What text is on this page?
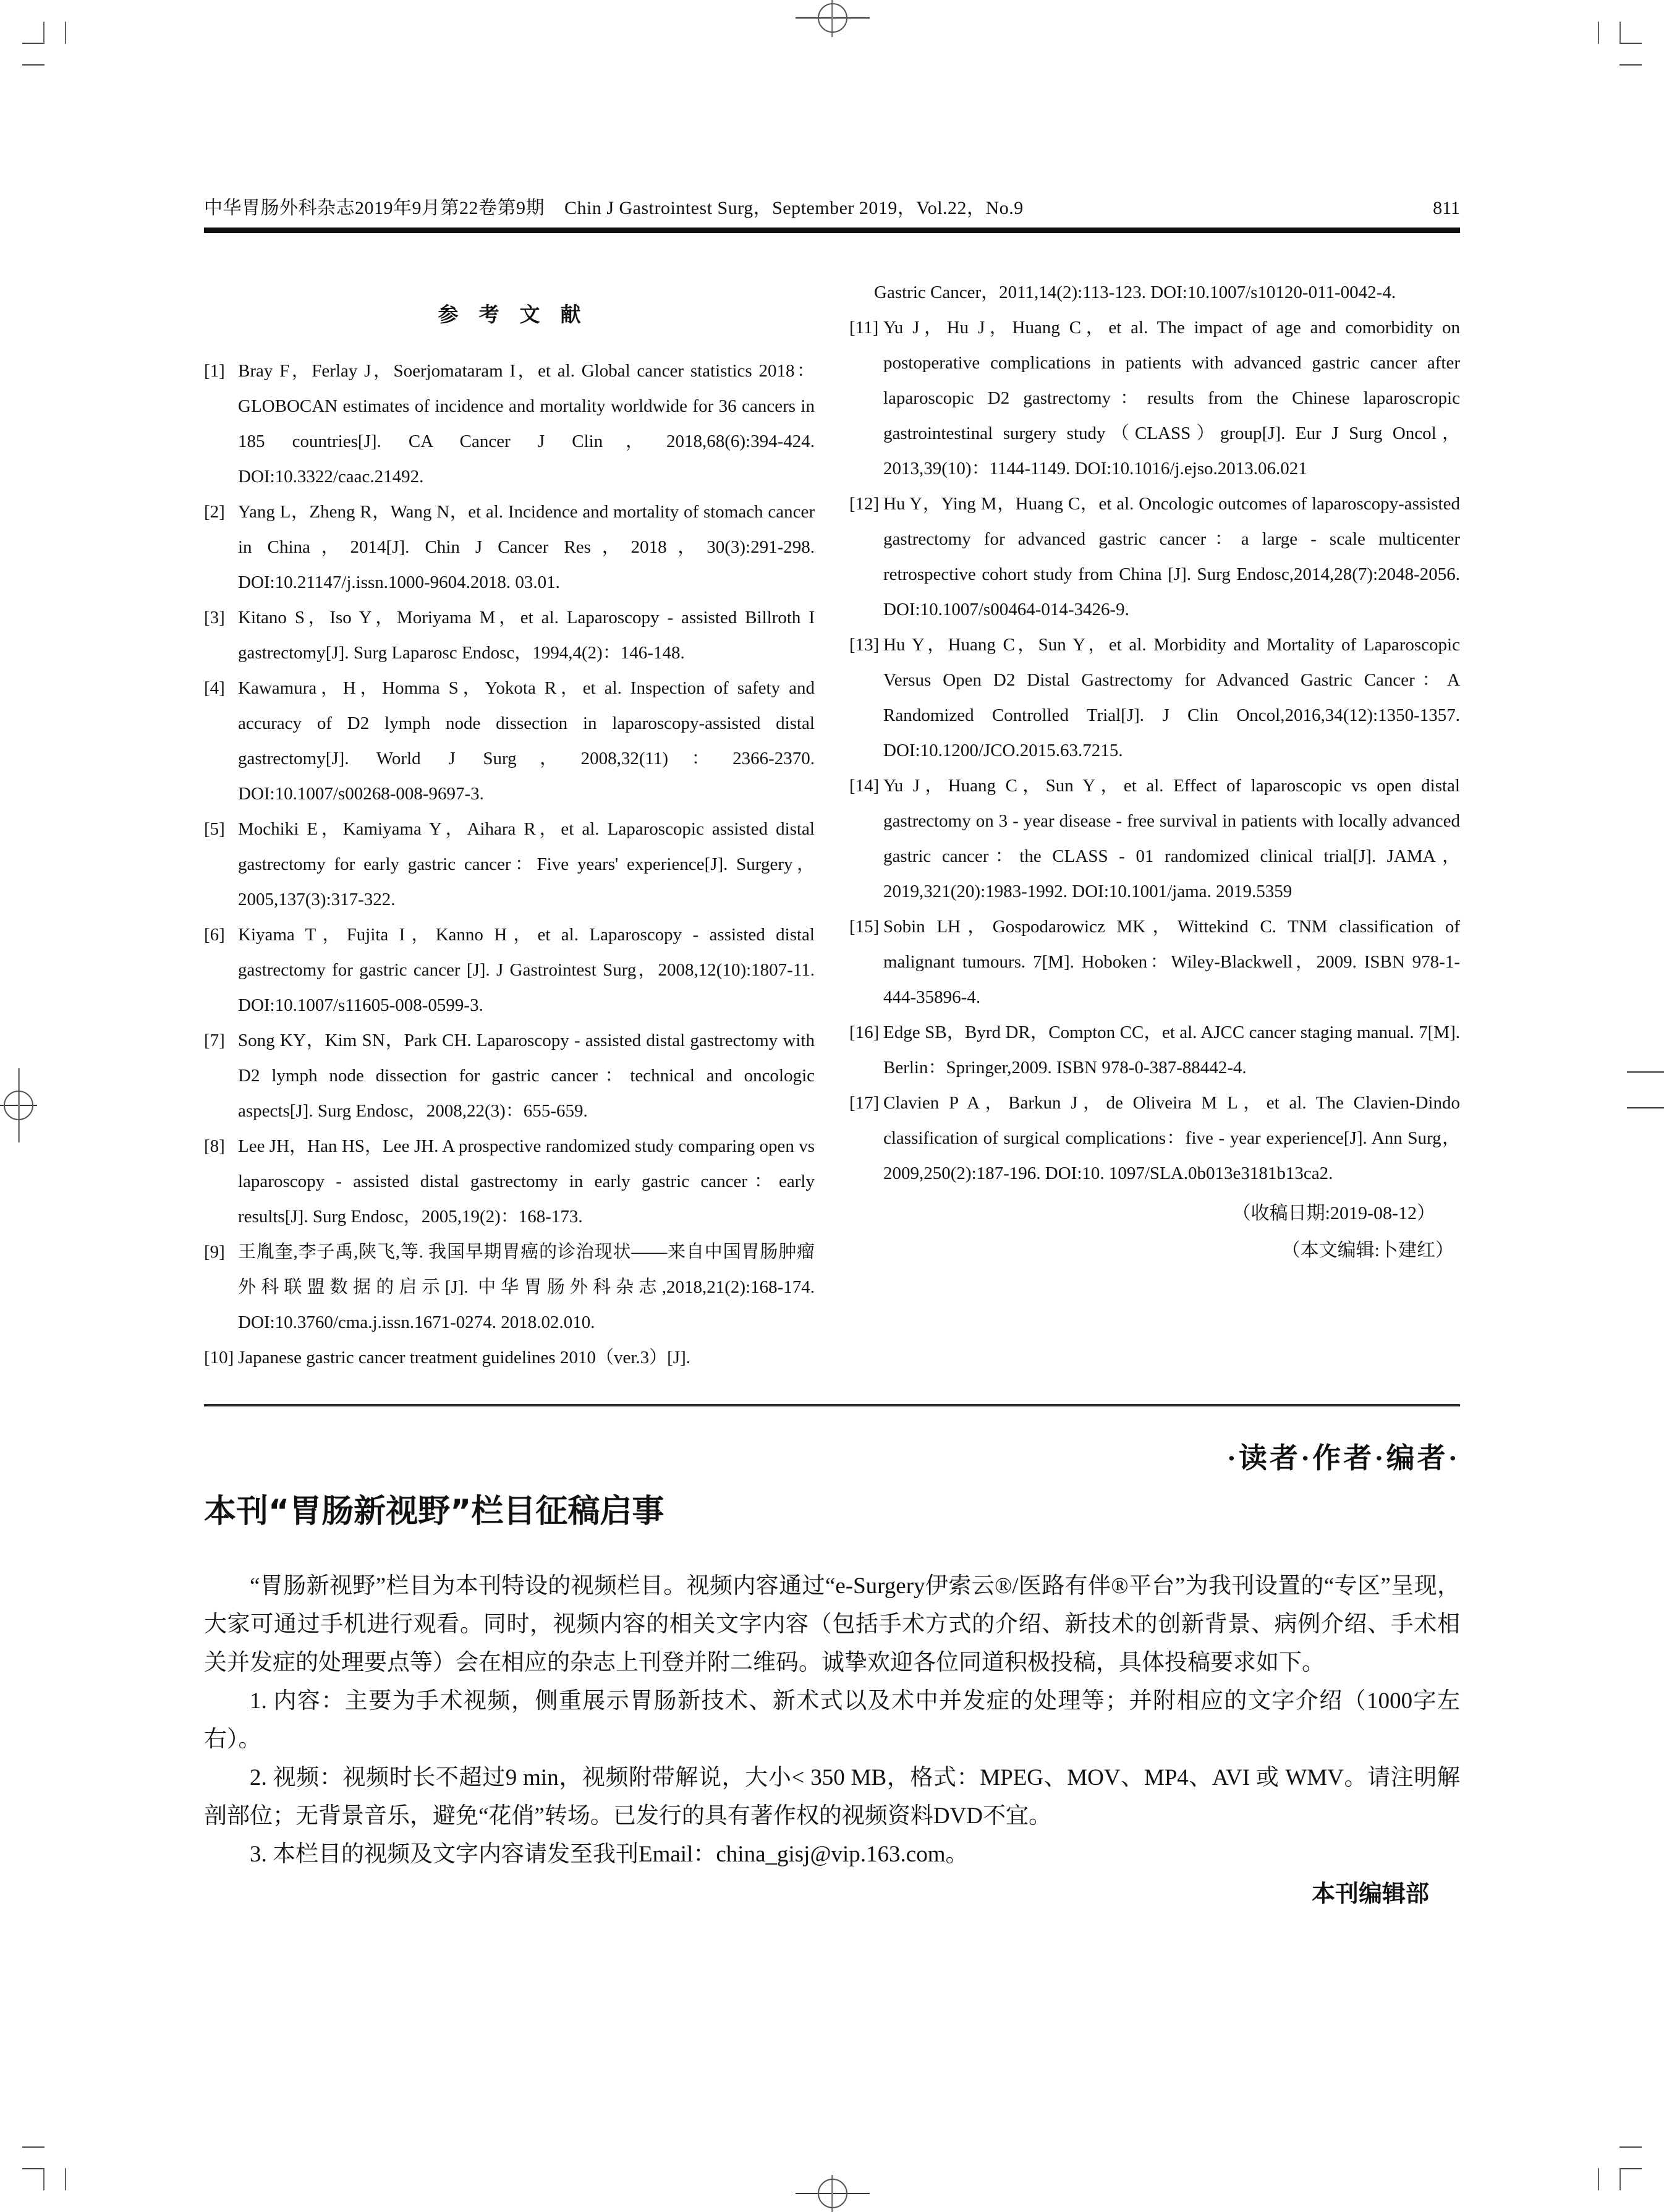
中华胃肠外科杂志2019年9月第22卷第9期 Chin J Gastrointest Surg，September 2019，Vol.22，No.9	811
参　考　文　献
[1] Bray F，Ferlay J，Soerjomataram I，et al. Global cancer statistics 2018：GLOBOCAN estimates of incidence and mortality worldwide for 36 cancers in 185 countries[J]. CA Cancer J Clin，2018,68(6):394-424. DOI:10.3322/caac.21492.
[2] Yang L，Zheng R，Wang N，et al. Incidence and mortality of stomach cancer in China，2014[J]. Chin J Cancer Res，2018，30(3):291-298. DOI:10.21147/j.issn.1000-9604.2018. 03.01.
[3] Kitano S，Iso Y，Moriyama M，et al. Laparoscopy - assisted Billroth I gastrectomy[J]. Surg Laparosc Endosc，1994,4(2)：146-148.
[4] Kawamura，H，Homma S，Yokota R，et al. Inspection of safety and accuracy of D2 lymph node dissection in laparoscopy-assisted distal gastrectomy[J]. World J Surg，2008,32(11)：2366-2370. DOI:10.1007/s00268-008-9697-3.
[5] Mochiki E，Kamiyama Y，Aihara R，et al. Laparoscopic assisted distal gastrectomy for early gastric cancer：Five years' experience[J]. Surgery，2005,137(3):317-322.
[6] Kiyama T，Fujita I，Kanno H，et al. Laparoscopy - assisted distal gastrectomy for gastric cancer [J]. J Gastrointest Surg，2008,12(10):1807-11. DOI:10.1007/s11605-008-0599-3.
[7] Song KY，Kim SN，Park CH. Laparoscopy - assisted distal gastrectomy with D2 lymph node dissection for gastric cancer：technical and oncologic aspects[J]. Surg Endosc，2008,22(3)：655-659.
[8] Lee JH，Han HS，Lee JH. A prospective randomized study comparing open vs laparoscopy - assisted distal gastrectomy in early gastric cancer：early results[J]. Surg Endosc，2005,19(2)：168-173.
[9] 王胤奎,李子禹,陕飞,等. 我国早期胃癌的诊治现状——来自中国胃肠肿瘤外科联盟数据的启示[J]. 中华胃肠外科杂志,2018,21(2):168-174. DOI:10.3760/cma.j.issn.1671-0274. 2018.02.010.
[10] Japanese gastric cancer treatment guidelines 2010（ver.3）[J].
Gastric Cancer，2011,14(2):113-123. DOI:10.1007/s10120-011-0042-4.
[11] Yu J，Hu J，Huang C，et al. The impact of age and comorbidity on postoperative complications in patients with advanced gastric cancer after laparoscopic D2 gastrectomy：results from the Chinese laparoscropic gastrointestinal surgery study（CLASS）group[J]. Eur J Surg Oncol，2013,39(10)：1144-1149. DOI:10.1016/j.ejso.2013.06.021
[12] Hu Y，Ying M，Huang C，et al. Oncologic outcomes of laparoscopy-assisted gastrectomy for advanced gastric cancer：a large - scale multicenter retrospective cohort study from China [J]. Surg Endosc,2014,28(7):2048-2056. DOI:10.1007/s00464-014-3426-9.
[13] Hu Y，Huang C，Sun Y，et al. Morbidity and Mortality of Laparoscopic Versus Open D2 Distal Gastrectomy for Advanced Gastric Cancer：A Randomized Controlled Trial[J]. J Clin Oncol,2016,34(12):1350-1357. DOI:10.1200/JCO.2015.63.7215.
[14] Yu J，Huang C，Sun Y，et al. Effect of laparoscopic vs open distal gastrectomy on 3 - year disease - free survival in patients with locally advanced gastric cancer：the CLASS - 01 randomized clinical trial[J]. JAMA，2019,321(20):1983-1992. DOI:10.1001/jama. 2019.5359
[15] Sobin LH，Gospodarowicz MK，Wittekind C. TNM classification of malignant tumours. 7[M]. Hoboken：Wiley-Blackwell，2009. ISBN 978-1-444-35896-4.
[16] Edge SB，Byrd DR，Compton CC，et al. AJCC cancer staging manual. 7[M]. Berlin：Springer,2009. ISBN 978-0-387-88442-4.
[17] Clavien P A，Barkun J，de Oliveira M L，et al. The Clavien-Dindo classification of surgical complications：five - year experience[J]. Ann Surg，2009,250(2):187-196. DOI:10. 1097/SLA.0b013e3181b13ca2.
（收稿日期:2019-08-12）
（本文编辑:卜建红）
·读者·作者·编者·
本刊“胃肠新视野”栏目征稿启事

“胃肠新视野”栏目为本刊特设的视频栏目。视频内容通过“e-Surgery伊索云®/医路有伴®平台”为我刊设置的“专区”呈现，大家可通过手机进行观看。同时，视频内容的相关文字内容（包括手术方式的介绍、新技术的创新背景、病例介绍、手术相关并发症的处理要点等）会在相应的杂志上刊登并附二维码。诚挚欢迎各位同道积极投稿，具体投稿要求如下。

1. 内容：主要为手术视频，侧重展示胃肠新技术、新术式以及术中并发症的处理等；并附相应的文字介绍（1000字左右）。

2. 视频：视频时长不超过9 min，视频附带解说，大小< 350 MB，格式：MPEG、MOV、MP4、AVI 或 WMV。请注明解剖部位；无背景音乐，避免“花俏”转场。已发行的具有著作权的视频资料DVD不宜。

3. 本栏目的视频及文字内容请发至我刊Email：china_gisj@vip.163.com。

本刊编辑部
